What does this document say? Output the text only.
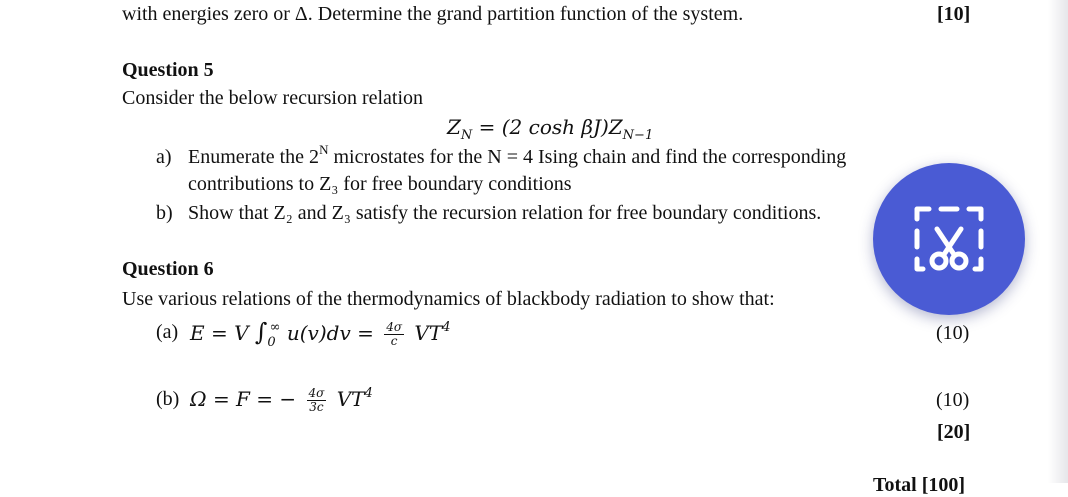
with energies zero or Δ. Determine the grand partition function of the system.	[10]
Question 5
Consider the below recursion relation
$Z_N = (2$ $\cosh \beta J)Z_{N-1}$
a) Enumerate the $2^N$ microstates for the N = 4 Ising chain and find the corresponding
contributions to Z₃ for free boundary conditions
b) Show that Z₂ and Z₃ satisfy the recursion relation for free boundary conditions.
Question 6
Use various relations of the thermodynamics of blackbody radiation to show that:
(a) E = V $\int_0^\infty$ $u(v)dv = \frac{4\sigma}{c} VT^4$	(10)
(b) Ω = F = − $\frac{4\sigma}{3c} VT^4$	(10)
[20]
Total [100]
